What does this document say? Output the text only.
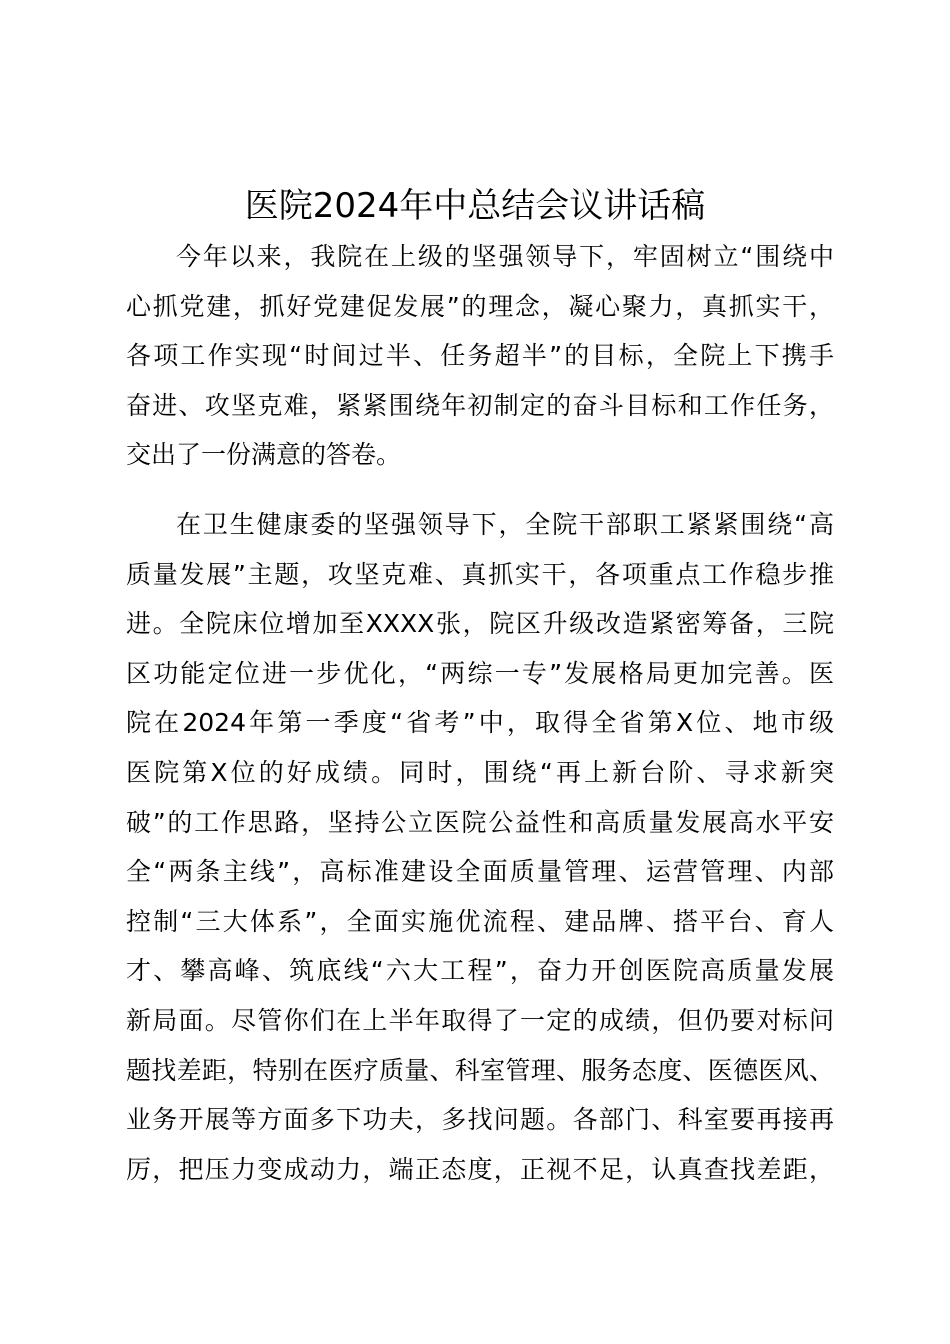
医院2024年中总结会议讲话稿

今年以来，我院在上级的坚强领导下，牢固树立“围绕中
心抓党建，抓好党建促发展”的理念，凝心聚力，真抓实干，
各项工作实现“时间过半、任务超半”的目标，全院上下携手
奋进、攻坚克难，紧紧围绕年初制定的奋斗目标和工作任务，
交出了一份满意的答卷。

在卫生健康委的坚强领导下，全院干部职工紧紧围绕“高
质量发展”主题，攻坚克难、真抓实干，各项重点工作稳步推
进。全院床位增加至XXXX张，院区升级改造紧密筹备，三院
区功能定位进一步优化，“两综一专”发展格局更加完善。医
院在2024年第一季度“省考”中，取得全省第X位、地市级
医院第X位的好成绩。同时，围绕“再上新台阶、寻求新突
破”的工作思路，坚持公立医院公益性和高质量发展高水平安
全“两条主线”，高标准建设全面质量管理、运营管理、内部
控制“三大体系”，全面实施优流程、建品牌、搭平台、育人
才、攀高峰、筑底线“六大工程”，奋力开创医院高质量发展
新局面。尽管你们在上半年取得了一定的成绩，但仍要对标问
题找差距，特别在医疗质量、科室管理、服务态度、医德医风、
业务开展等方面多下功夫，多找问题。各部门、科室要再接再
厉，把压力变成动力，端正态度，正视不足，认真查找差距，
